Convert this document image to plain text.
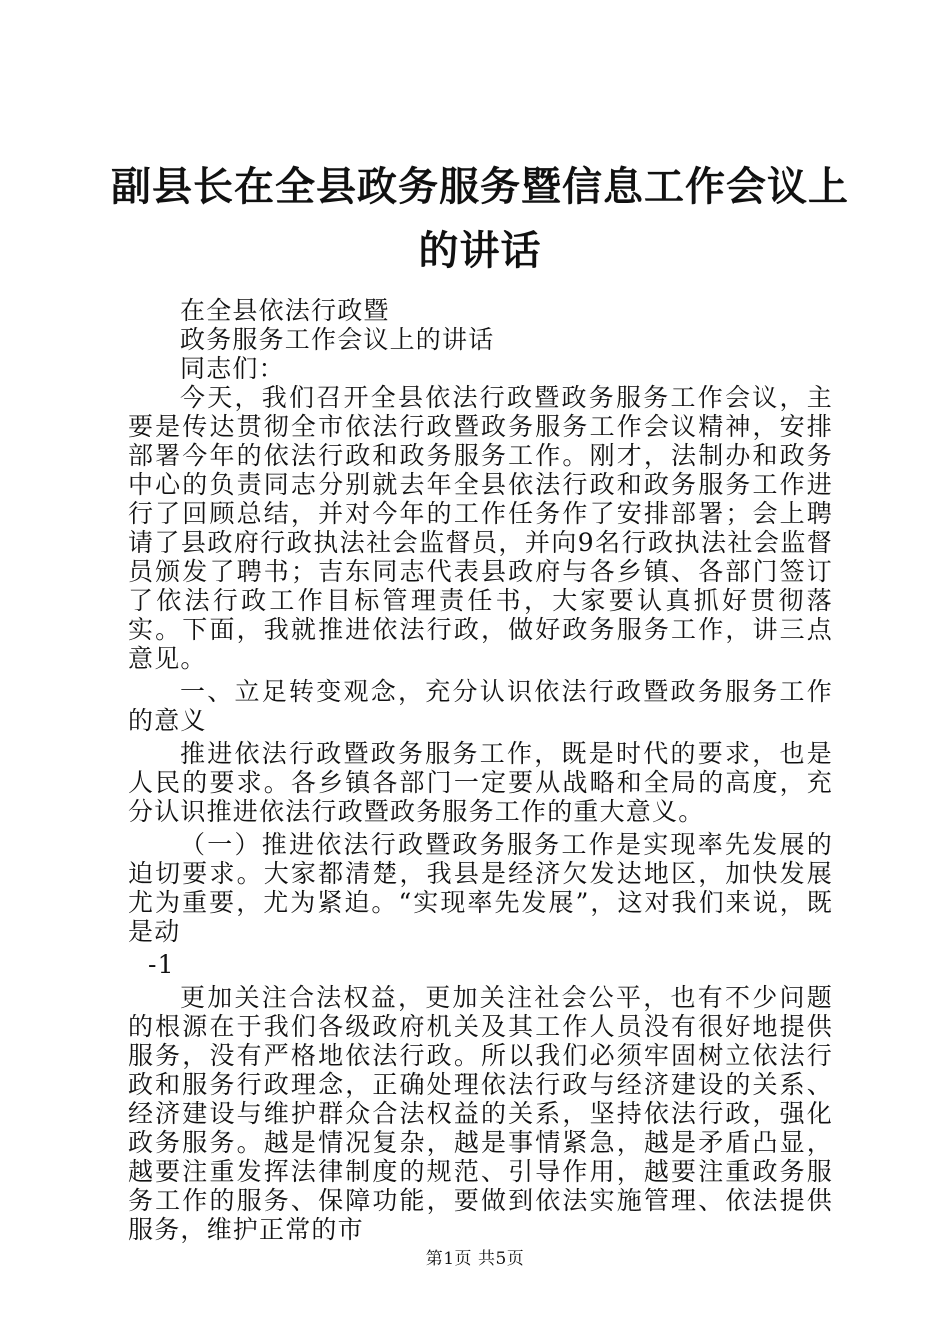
副县长在全县政务服务暨信息工作会议上的讲话

在全县依法行政暨

政务服务工作会议上的讲话

同志们：

今天，我们召开全县依法行政暨政务服务工作会议，主要是传达贯彻全市依法行政暨政务服务工作会议精神，安排部署今年的依法行政和政务服务工作。刚才，法制办和政务中心的负责同志分别就去年全县依法行政和政务服务工作进行了回顾总结，并对今年的工作任务作了安排部署；会上聘请了县政府行政执法社会监督员，并向9名行政执法社会监督员颁发了聘书；吉东同志代表县政府与各乡镇、各部门签订了依法行政工作目标管理责任书，大家要认真抓好贯彻落实。下面，我就推进依法行政，做好政务服务工作，讲三点意见。

一、立足转变观念，充分认识依法行政暨政务服务工作的意义

推进依法行政暨政务服务工作，既是时代的要求，也是人民的要求。各乡镇各部门一定要从战略和全局的高度，充分认识推进依法行政暨政务服务工作的重大意义。

（一）推进依法行政暨政务服务工作是实现率先发展的迫切要求。大家都清楚，我县是经济欠发达地区，加快发展尤为重要，尤为紧迫。“实现率先发展”，这对我们来说，既是动

-1

更加关注合法权益，更加关注社会公平，也有不少问题的根源在于我们各级政府机关及其工作人员没有很好地提供服务，没有严格地依法行政。所以我们必须牢固树立依法行政和服务行政理念，正确处理依法行政与经济建设的关系、经济建设与维护群众合法权益的关系，坚持依法行政，强化政务服务。越是情况复杂，越是事情紧急，越是矛盾凸显，越要注重发挥法律制度的规范、引导作用，越要注重政务服务工作的服务、保障功能，要做到依法实施管理、依法提供服务，维护正常的市

第1页 共5页
